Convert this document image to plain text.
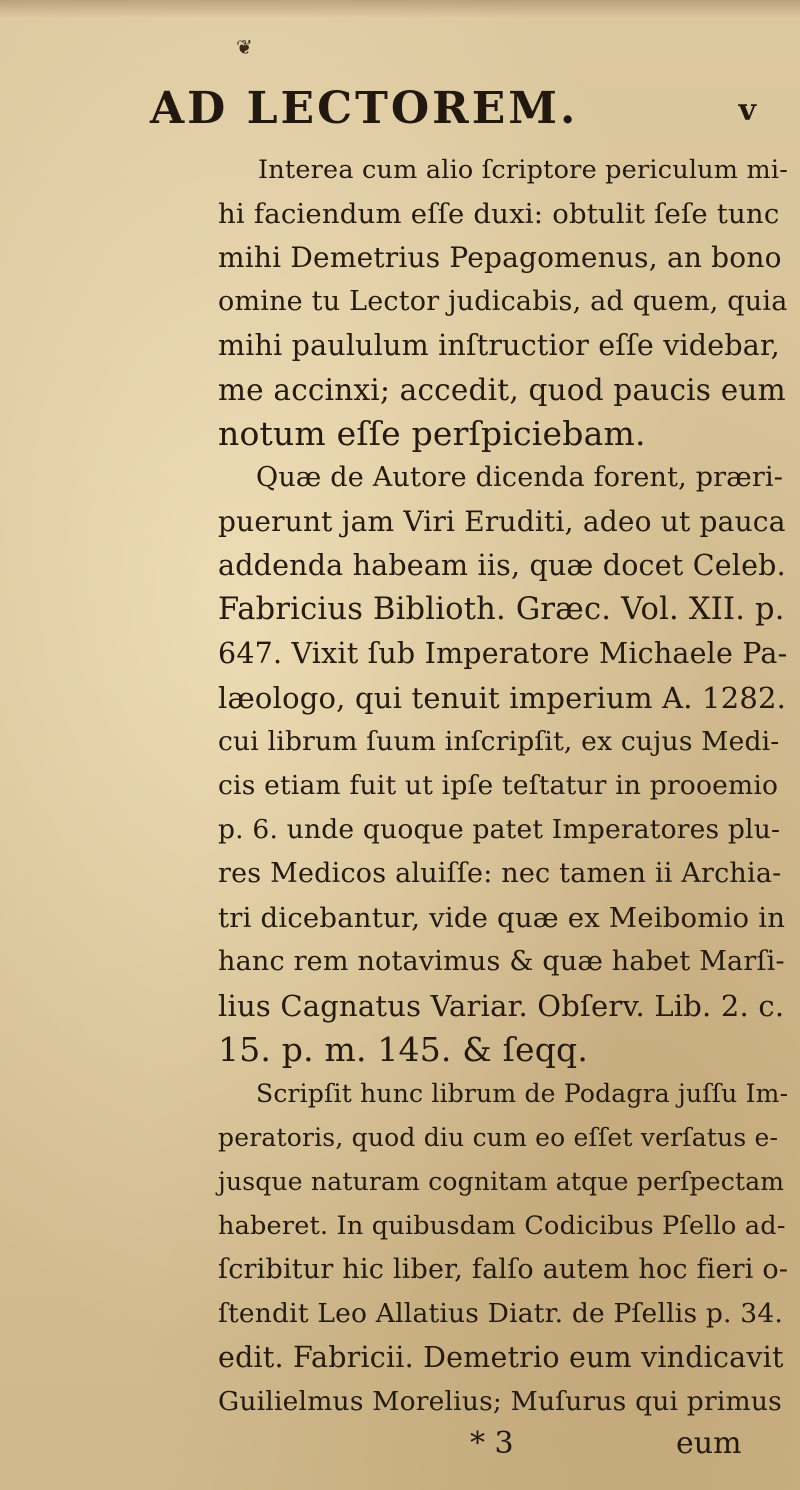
❦
AD LECTOREM.	v
Interea cum alio ſcriptore periculum mi-
hi faciendum eſſe duxi: obtulit ſeſe tunc
mihi Demetrius Pepagomenus, an bono
omine tu Lector judicabis, ad quem, quia
mihi paululum inſtructior eſſe videbar,
me accinxi; accedit, quod paucis eum
notum eſſe perſpiciebam.
Quæ de Autore dicenda forent, præri-
puerunt jam Viri Eruditi, adeo ut pauca
addenda habeam iis, quæ docet Celeb.
Fabricius Biblioth. Græc. Vol. XII. p.
647. Vixit ſub Imperatore Michaele Pa-
læologo, qui tenuit imperium A. 1282.
cui librum ſuum inſcripſit, ex cujus Medi-
cis etiam fuit ut ipſe teſtatur in prooemio
p. 6. unde quoque patet Imperatores plu-
res Medicos aluiſſe: nec tamen ii Archia-
tri dicebantur, vide quæ ex Meibomio in
hanc rem notavimus & quæ habet Marſi-
lius Cagnatus Variar. Obſerv. Lib. 2. c.
15. p. m. 145. & ſeqq.
Scripſit hunc librum de Podagra juſſu Im-
peratoris, quod diu cum eo eſſet verſatus e-
jusque naturam cognitam atque perſpectam
haberet. In quibusdam Codicibus Pſello ad-
ſcribitur hic liber, falſo autem hoc fieri o-
ſtendit Leo Allatius Diatr. de Pſellis p. 34.
edit. Fabricii. Demetrio eum vindicavit
Guilielmus Morelius; Muſurus qui primus
* 3	eum
